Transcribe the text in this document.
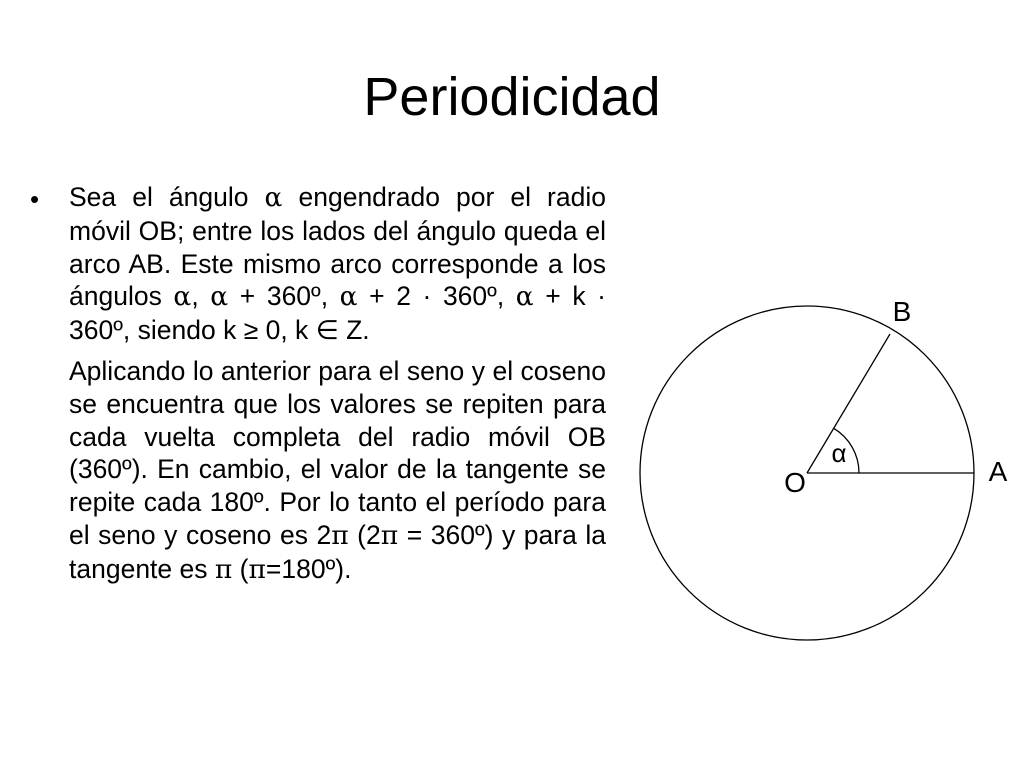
Periodicidad
• Sea el ángulo α engendrado por el radio móvil OB; entre los lados del ángulo queda el arco AB. Este mismo arco corresponde a los ángulos α, α + 360º, α + 2 · 360º, α + k · 360º, siendo k ≥ 0, k ∈ Z.

Aplicando lo anterior para el seno y el coseno se encuentra que los valores se repiten para cada vuelta completa del radio móvil OB (360º). En cambio, el valor de la tangente se repite cada 180º. Por lo tanto el período para el seno y coseno es 2π (2π = 360º) y para la tangente es π (π=180º).

O	A
B
α
